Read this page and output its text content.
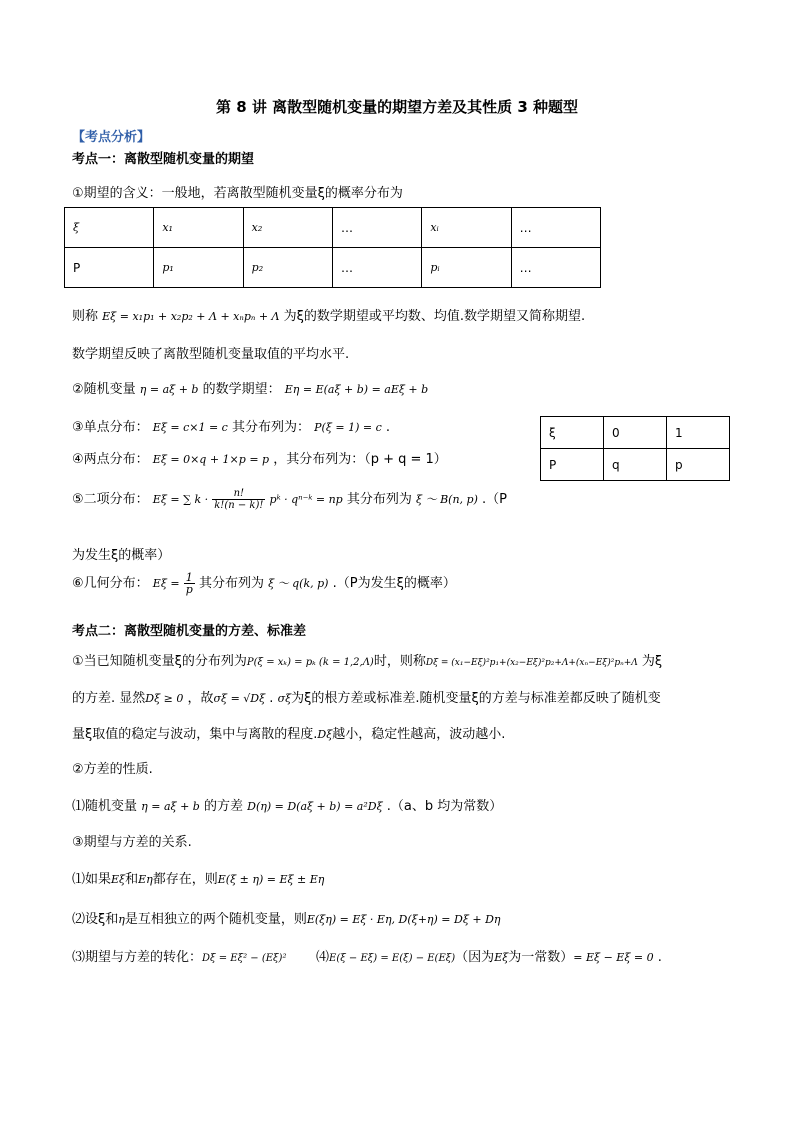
第 8 讲 离散型随机变量的期望方差及其性质 3 种题型
【考点分析】
考点一：离散型随机变量的期望
①期望的含义：一般地，若离散型随机变量ξ的概率分布为
ξ	x₁	x₂	…	xᵢ	…
P	p₁	p₂	…	pᵢ	…
则称 Eξ = x₁p₁ + x₂p₂ + Λ + xₙpₙ + Λ 为ξ的数学期望或平均数、均值.数学期望又简称期望.
数学期望反映了离散型随机变量取值的平均水平.
②随机变量 η = aξ + b 的数学期望： Eη = E(aξ + b) = aEξ + b
③单点分布： Eξ = c×1 = c 其分布列为： P(ξ = 1) = c .
④两点分布： Eξ = 0×q + 1×p = p ，其分布列为：（p + q = 1）
ξ	0	1
P	q	p
⑤二项分布： Eξ = ∑ $k \cdot \frac{n!}{k!(n - k)!}$ pᵏ · qⁿ⁻ᵏ = np 其分布列为 ξ ～ B(n, p) .（P
为发生ξ的概率）
⑥几何分布： $E\xi = \frac{1}{p}$ 其分布列为 ξ ～ q(k, p) .（P为发生ξ的概率）
考点二：离散型随机变量的方差、标准差
①当已知随机变量ξ的分布列为P(ξ = xₖ) = pₖ (k = 1,2,Λ)时，则称Dξ = (x₁−Eξ)²p₁+(x₂−Eξ)²p₂+Λ+(xₙ−Eξ)²pₙ+Λ 为ξ
的方差. 显然Dξ ≥ 0 ，故σξ = √Dξ . σξ为ξ的根方差或标准差.随机变量ξ的方差与标准差都反映了随机变
量ξ取值的稳定与波动，集中与离散的程度.Dξ越小，稳定性越高，波动越小.
②方差的性质.
⑴随机变量 η = aξ + b 的方差 D(η) = D(aξ + b) = a²Dξ .（a、b 均为常数）
③期望与方差的关系.
⑴如果Eξ和Eη都存在，则E(ξ ± η) = Eξ ± Eη
⑵设ξ和η是互相独立的两个随机变量，则E(ξη) = Eξ · Eη, D(ξ+η) = Dξ + Dη
⑶期望与方差的转化：Dξ = Eξ² − (Eξ)² ⑷E(ξ − Eξ) = E(ξ) − E(Eξ)（因为Eξ为一常数）= Eξ − Eξ = 0 .
